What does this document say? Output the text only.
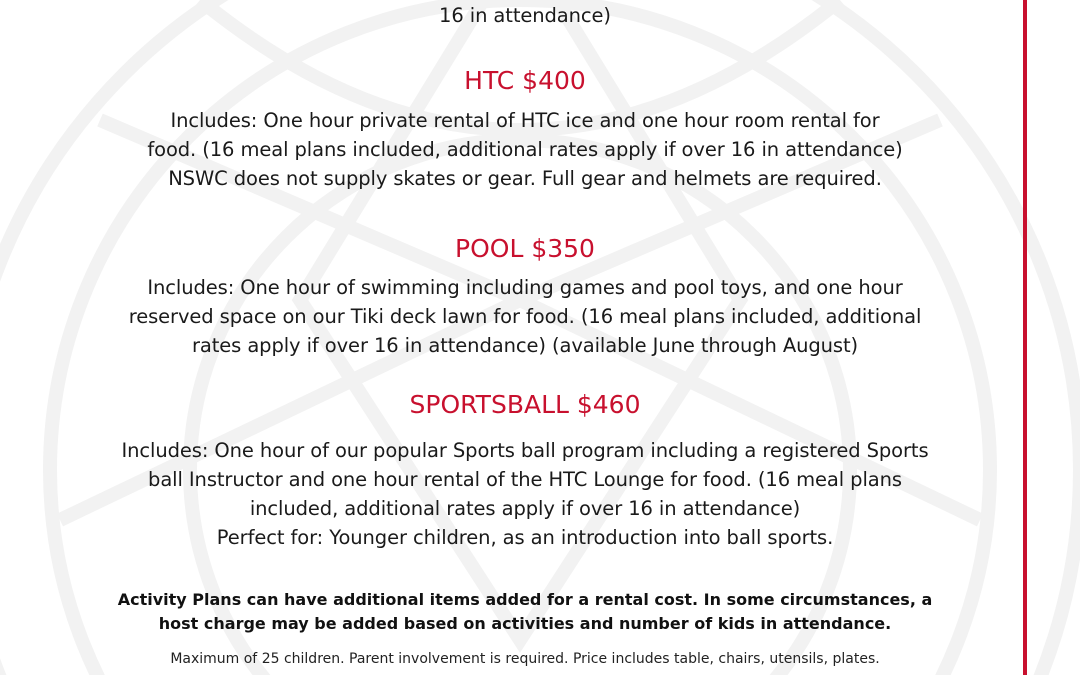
16 in attendance)
HTC $400
Includes: One hour private rental of HTC ice and one hour room rental for
food. (16 meal plans included, additional rates apply if over 16 in attendance)
NSWC does not supply skates or gear. Full gear and helmets are required.
POOL $350
Includes: One hour of swimming including games and pool toys, and one hour
reserved space on our Tiki deck lawn for food. (16 meal plans included, additional
rates apply if over 16 in attendance) (available June through August)
SPORTSBALL $460
Includes: One hour of our popular Sports ball program including a registered Sports
ball Instructor and one hour rental of the HTC Lounge for food. (16 meal plans
included, additional rates apply if over 16 in attendance)
Perfect for: Younger children, as an introduction into ball sports.
Activity Plans can have additional items added for a rental cost. In some circumstances, a
host charge may be added based on activities and number of kids in attendance.
Maximum of 25 children. Parent involvement is required. Price includes table, chairs, utensils, plates.
